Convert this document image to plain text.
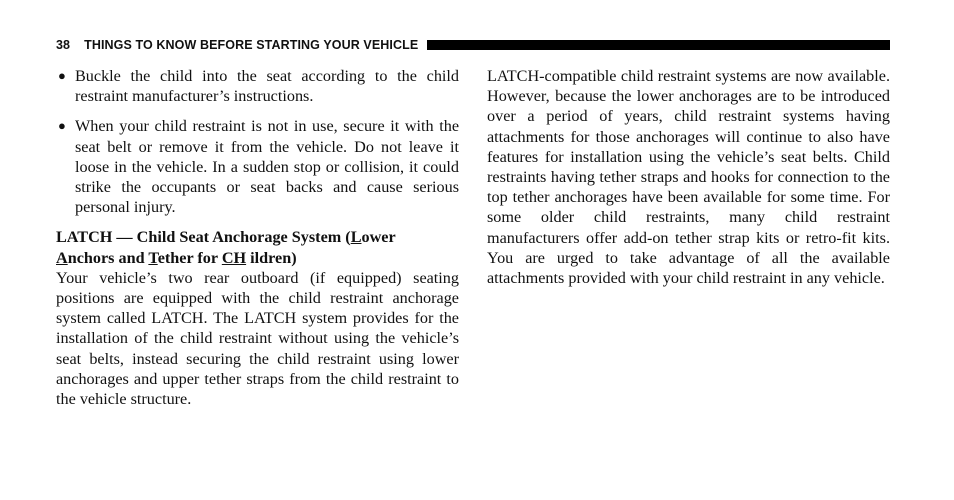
38 THINGS TO KNOW BEFORE STARTING YOUR VEHICLE
● Buckle the child into the seat according to the child restraint manufacturer’s instructions.
● When your child restraint is not in use, secure it with the seat belt or remove it from the vehicle. Do not leave it loose in the vehicle. In a sudden stop or collision, it could strike the occupants or seat backs and cause serious personal injury.
LATCH — Child Seat Anchorage System (Lower
Anchors and Tether for CH ildren)

Your vehicle’s two rear outboard (if equipped) seating positions are equipped with the child restraint anchorage system called LATCH. The LATCH system provides for the installation of the child restraint without using the vehicle’s seat belts, instead securing the child restraint using lower anchorages and upper tether straps from the child restraint to the vehicle structure.

LATCH-compatible child restraint systems are now available. However, because the lower anchorages are to be introduced over a period of years, child restraint systems having attachments for those anchorages will continue to also have features for installation using the vehicle’s seat belts. Child restraints having tether straps and hooks for connection to the top tether anchorages have been available for some time. For some older child restraints, many child restraint manufacturers offer add-on tether strap kits or retro-fit kits. You are urged to take advantage of all the available attachments provided with your child restraint in any vehicle.
